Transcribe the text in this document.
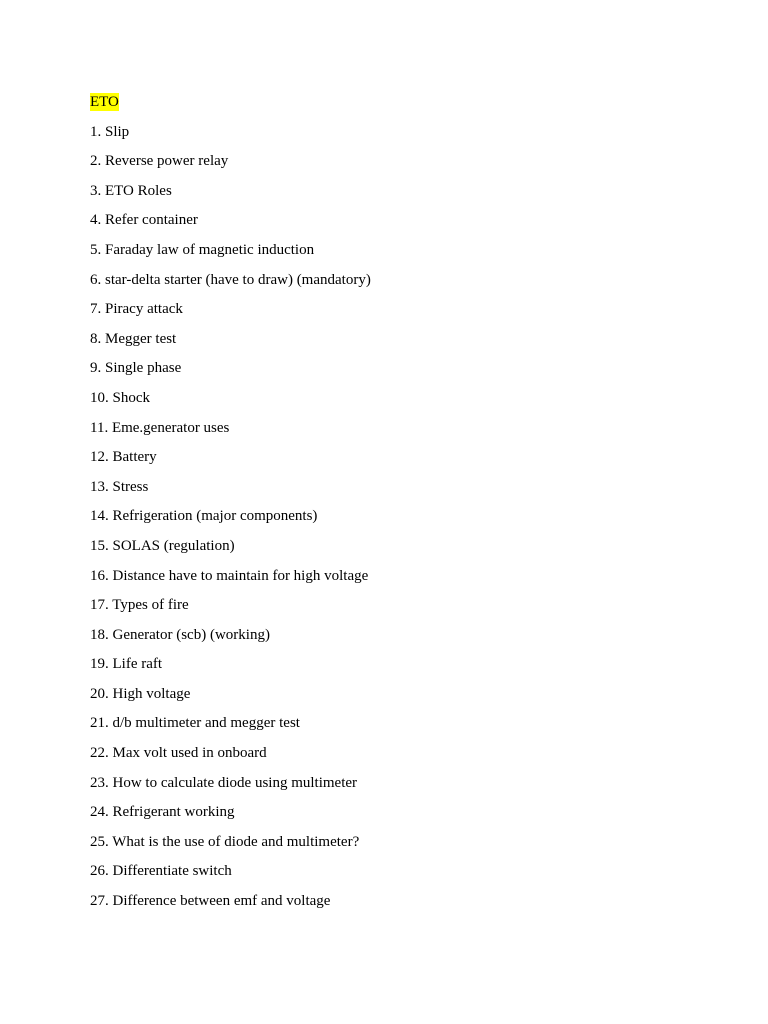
ETO
1. Slip
2. Reverse power relay
3. ETO Roles
4. Refer container
5. Faraday law of magnetic induction
6. star-delta starter (have to draw) (mandatory)
7. Piracy attack
8. Megger test
9. Single phase
10. Shock
11. Eme.generator uses
12. Battery
13. Stress
14. Refrigeration (major components)
15. SOLAS (regulation)
16. Distance have to maintain for high voltage
17. Types of fire
18. Generator (scb) (working)
19. Life raft
20. High voltage
21. d/b multimeter and megger test
22. Max volt used in onboard
23. How to calculate diode using multimeter
24. Refrigerant working
25. What is the use of diode and multimeter?
26. Differentiate switch
27. Difference between emf and voltage
